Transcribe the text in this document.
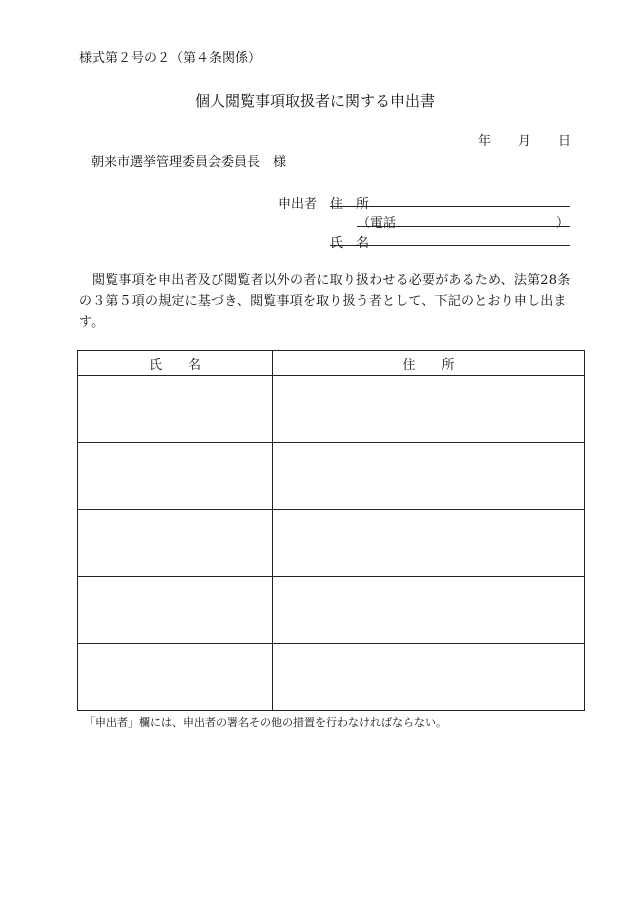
様式第２号の２（第４条関係）
個人閲覧事項取扱者に関する申出書
年 月 日
朝来市選挙管理委員会委員長　様
申出者 住　所
（電話	）
氏　名
閲覧事項を申出者及び閲覧者以外の者に取り扱わせる必要があるため、法第28条の３第５項の規定に基づき、閲覧事項を取り扱う者として、下記のとおり申し出ます。
氏　　名	住　　所

「申出者」欄には、申出者の署名その他の措置を行わなければならない。
